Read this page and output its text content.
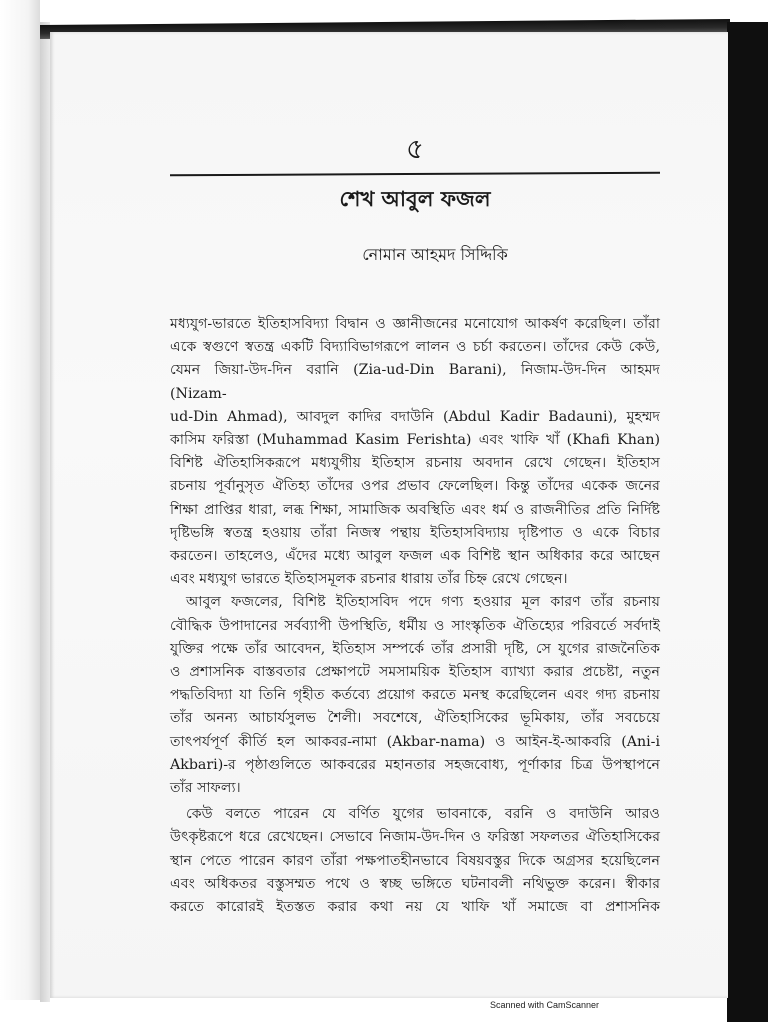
৫
শেখ আবুল ফজল
নোমান আহমদ সিদ্দিকি

মধ্যযুগ-ভারতে ইতিহাসবিদ্যা বিদ্বান ও জ্ঞানীজনের মনোযোগ আকর্ষণ করেছিল। তাঁরা

একে স্বগুণে স্বতন্ত্র একটি বিদ্যাবিভাগরূপে লালন ও চর্চা করতেন। তাঁদের কেউ কেউ,

যেমন জিয়া-উদ-দিন বরানি (Zia-ud-Din Barani), নিজাম-উদ-দিন আহমদ (Nizam-

ud-Din Ahmad), আবদুল কাদির বদাউনি (Abdul Kadir Badauni), মুহম্মদ

কাসিম ফরিস্তা (Muhammad Kasim Ferishta) এবং খাফি খাঁ (Khafi Khan)

বিশিষ্ট ঐতিহাসিকরূপে মধ্যযুগীয় ইতিহাস রচনায় অবদান রেখে গেছেন। ইতিহাস

রচনায় পূর্বানুসৃত ঐতিহ্য তাঁদের ওপর প্রভাব ফেলেছিল। কিন্তু তাঁদের একেক জনের

শিক্ষা প্রাপ্তির ধারা, লব্ধ শিক্ষা, সামাজিক অবস্থিতি এবং ধর্ম ও রাজনীতির প্রতি নির্দিষ্ট

দৃষ্টিভঙ্গি স্বতন্ত্র হওয়ায় তাঁরা নিজস্ব পন্থায় ইতিহাসবিদ্যায় দৃষ্টিপাত ও একে বিচার

করতেন। তাহলেও, এঁদের মধ্যে আবুল ফজল এক বিশিষ্ট স্থান অধিকার করে আছেন

এবং মধ্যযুগ ভারতে ইতিহাসমূলক রচনার ধারায় তাঁর চিহ্ন রেখে গেছেন।

আবুল ফজলের, বিশিষ্ট ইতিহাসবিদ পদে গণ্য হওয়ার মূল কারণ তাঁর রচনায়

বৌদ্ধিক উপাদানের সর্বব্যাপী উপস্থিতি, ধর্মীয় ও সাংস্কৃতিক ঐতিহ্যের পরিবর্তে সর্বদাই

যুক্তির পক্ষে তাঁর আবেদন, ইতিহাস সম্পর্কে তাঁর প্রসারী দৃষ্টি, সে যুগের রাজনৈতিক

ও প্রশাসনিক বাস্তবতার প্রেক্ষাপটে সমসাময়িক ইতিহাস ব্যাখ্যা করার প্রচেষ্টা, নতুন

পদ্ধতিবিদ্যা যা তিনি গৃহীত কর্তব্যে প্রয়োগ করতে মনস্থ করেছিলেন এবং গদ্য রচনায়

তাঁর অনন্য আচার্যসুলভ শৈলী। সবশেষে, ঐতিহাসিকের ভূমিকায়, তাঁর সবচেয়ে

তাৎপর্যপূর্ণ কীর্তি হল আকবর-নামা (Akbar-nama) ও আইন-ই-আকবরি (Ani-i

Akbari)-র পৃষ্ঠাগুলিতে আকবরের মহানতার সহজবোধ্য, পূর্ণাকার চিত্র উপস্থাপনে

তাঁর সাফল্য।

কেউ বলতে পারেন যে বর্ণিত যুগের ভাবনাকে, বরনি ও বদাউনি আরও

উৎকৃষ্টরূপে ধরে রেখেছেন। সেভাবে নিজাম-উদ-দিন ও ফরিস্তা সফলতর ঐতিহাসিকের

স্থান পেতে পারেন কারণ তাঁরা পক্ষপাতহীনভাবে বিষয়বস্তুর দিকে অগ্রসর হয়েছিলেন

এবং অধিকতর বস্তুসম্মত পথে ও স্বচ্ছ ভঙ্গিতে ঘটনাবলী নথিভুক্ত করেন। স্বীকার

করতে কারোরই ইতস্তত করার কথা নয় যে খাফি খাঁ সমাজে বা প্রশাসনিক

Scanned with CamScanner
